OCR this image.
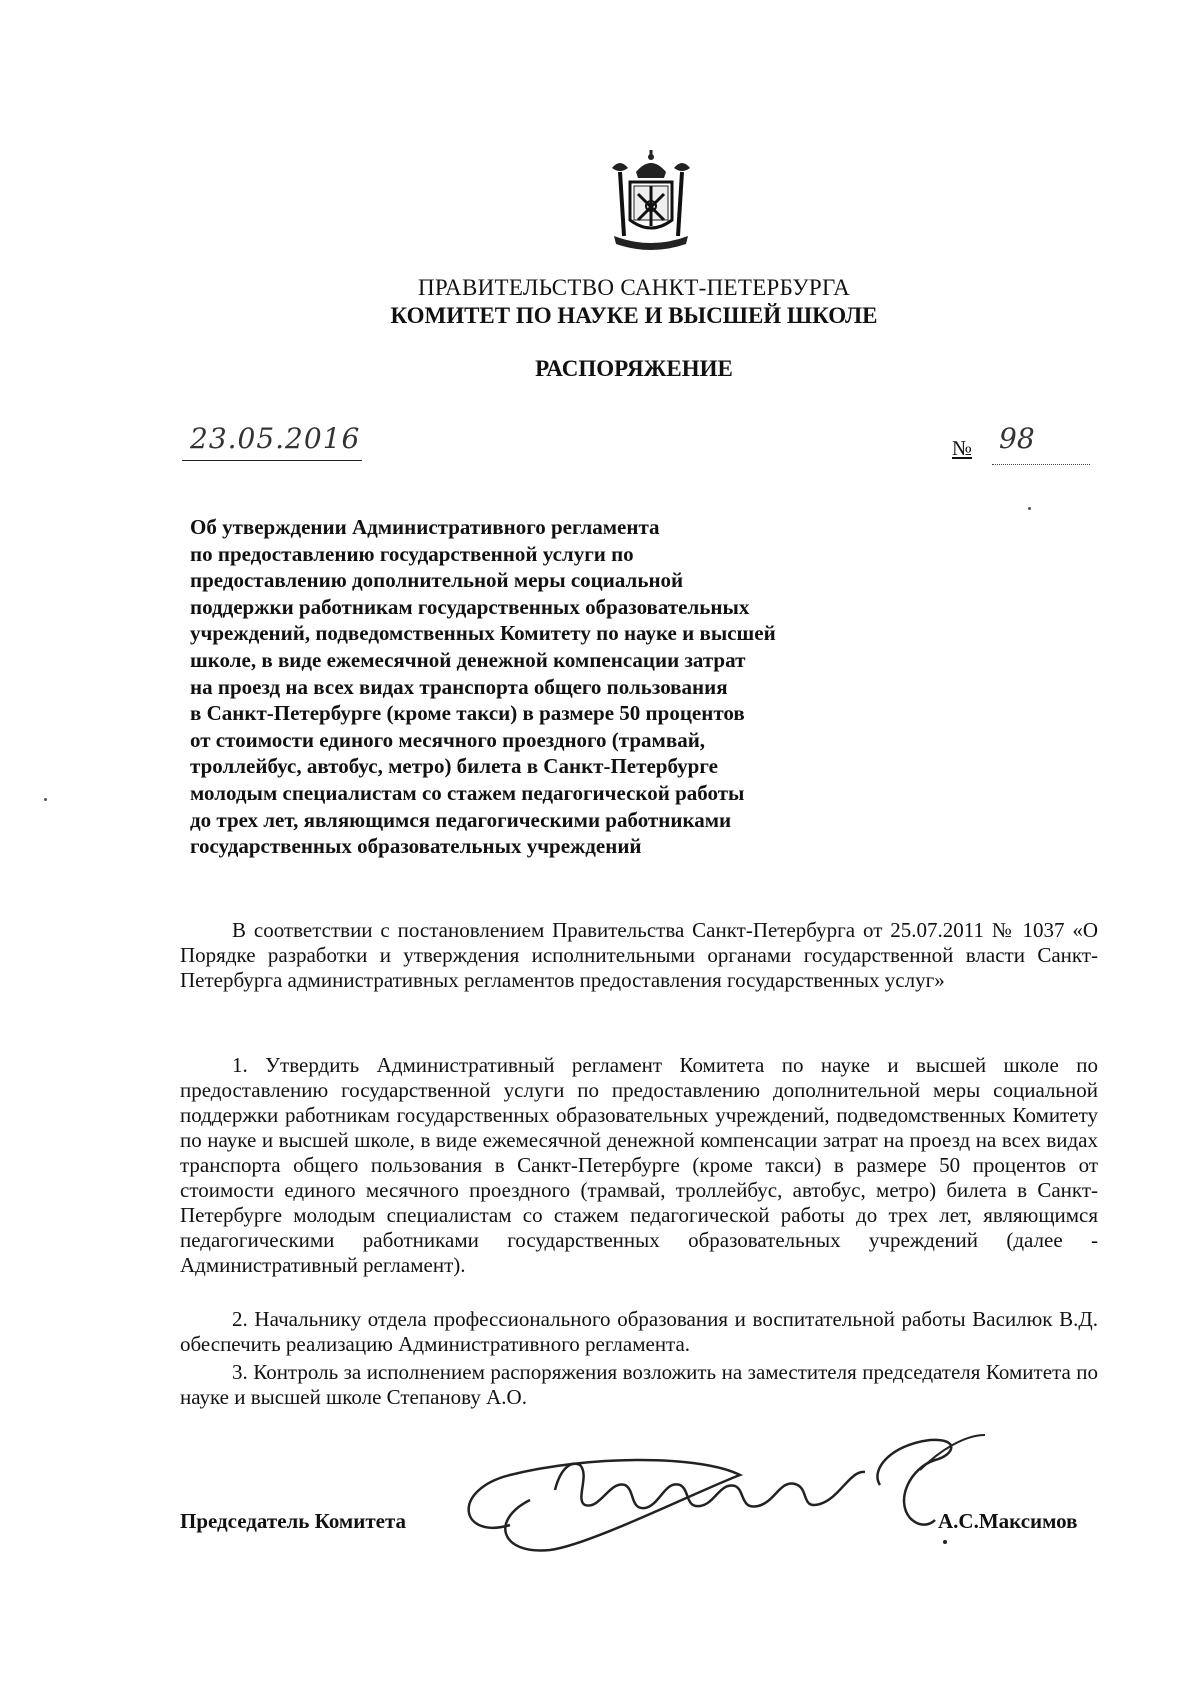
ПРАВИТЕЛЬСТВО САНКТ-ПЕТЕРБУРГА
КОМИТЕТ ПО НАУКЕ И ВЫСШЕЙ ШКОЛЕ
РАСПОРЯЖЕНИЕ
23.05.2016	№ 98
Об утверждении Административного регламента
по предоставлению государственной услуги по
предоставлению дополнительной меры социальной
поддержки работникам государственных образовательных
учреждений, подведомственных Комитету по науке и высшей
школе, в виде ежемесячной денежной компенсации затрат
на проезд на всех видах транспорта общего пользования
в Санкт-Петербурге (кроме такси) в размере 50 процентов
от стоимости единого месячного проездного (трамвай,
троллейбус, автобус, метро) билета в Санкт-Петербурге
молодым специалистам со стажем педагогической работы
до трех лет, являющимся педагогическими работниками
государственных образовательных учреждений
В соответствии с постановлением Правительства Санкт-Петербурга от 25.07.2011 № 1037 «О Порядке разработки и утверждения исполнительными органами государственной власти Санкт-Петербурга административных регламентов предоставления государственных услуг»
1. Утвердить Административный регламент Комитета по науке и высшей школе по предоставлению государственной услуги по предоставлению дополнительной меры социальной поддержки работникам государственных образовательных учреждений, подведомственных Комитету по науке и высшей школе, в виде ежемесячной денежной компенсации затрат на проезд на всех видах транспорта общего пользования в Санкт-Петербурге (кроме такси) в размере 50 процентов от стоимости единого месячного проездного (трамвай, троллейбус, автобус, метро) билета в Санкт-Петербурге молодым специалистам со стажем педагогической работы до трех лет, являющимся педагогическими работниками государственных образовательных учреждений (далее - Административный регламент).
2. Начальнику отдела профессионального образования и воспитательной работы Василюк В.Д. обеспечить реализацию Административного регламента.
3. Контроль за исполнением распоряжения возложить на заместителя председателя Комитета по науке и высшей школе Степанову А.О.
Председатель Комитета	А.С.Максимов
